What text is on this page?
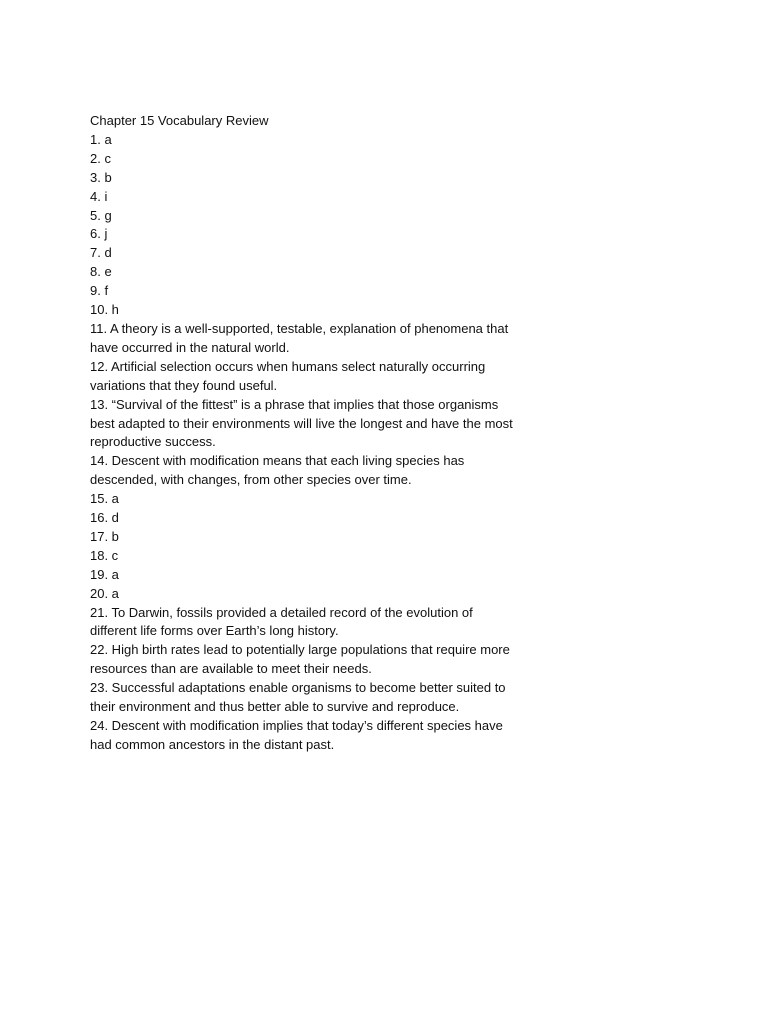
Chapter 15 Vocabulary Review
1. a
2. c
3. b
4. i
5. g
6. j
7. d
8. e
9. f
10. h
11. A theory is a well-supported, testable, explanation of phenomena that
have occurred in the natural world.
12. Artificial selection occurs when humans select naturally occurring
variations that they found useful.
13. “Survival of the fittest” is a phrase that implies that those organisms
best adapted to their environments will live the longest and have the most
reproductive success.
14. Descent with modification means that each living species has
descended, with changes, from other species over time.
15. a
16. d
17. b
18. c
19. a
20. a
21. To Darwin, fossils provided a detailed record of the evolution of
different life forms over Earth’s long history.
22. High birth rates lead to potentially large populations that require more
resources than are available to meet their needs.
23. Successful adaptations enable organisms to become better suited to
their environment and thus better able to survive and reproduce.
24. Descent with modification implies that today’s different species have
had common ancestors in the distant past.
